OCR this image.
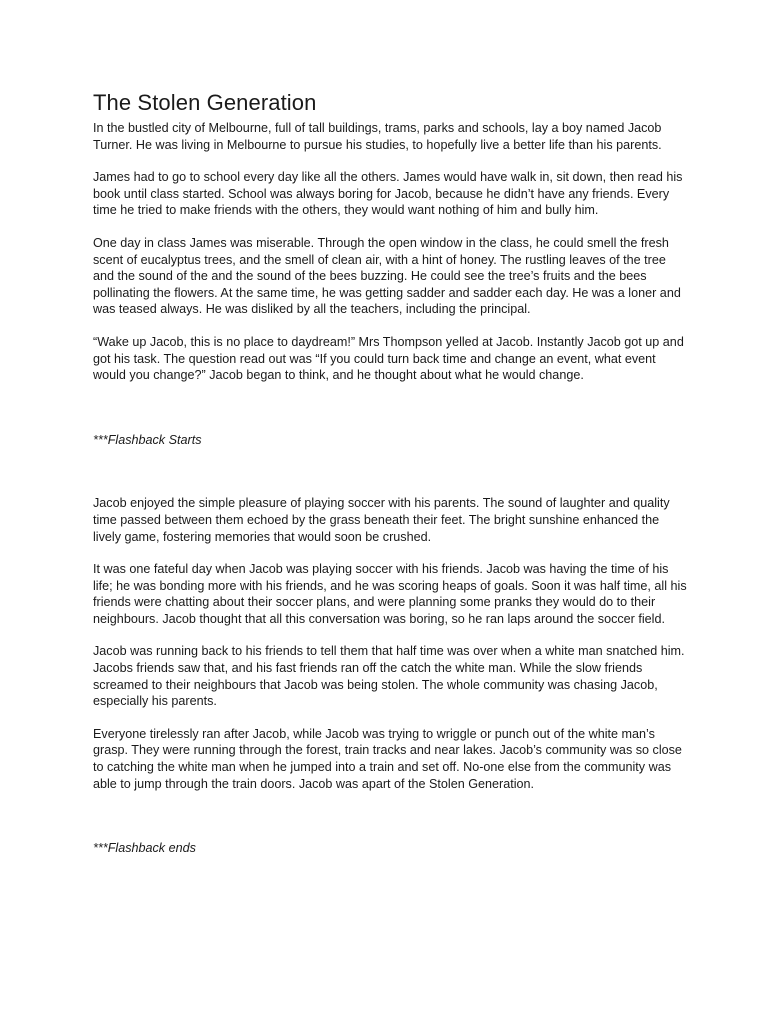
The Stolen Generation

In the bustled city of Melbourne, full of tall buildings, trams, parks and schools, lay a boy named Jacob Turner. He was living in Melbourne to pursue his studies, to hopefully live a better life than his parents.

James had to go to school every day like all the others. James would have walk in, sit down, then read his book until class started. School was always boring for Jacob, because he didn’t have any friends. Every time he tried to make friends with the others, they would want nothing of him and bully him.

One day in class James was miserable. Through the open window in the class, he could smell the fresh scent of eucalyptus trees, and the smell of clean air, with a hint of honey. The rustling leaves of the tree and the sound of the and the sound of the bees buzzing. He could see the tree’s fruits and the bees pollinating the flowers. At the same time, he was getting sadder and sadder each day. He was a loner and was teased always. He was disliked by all the teachers, including the principal.

“Wake up Jacob, this is no place to daydream!” Mrs Thompson yelled at Jacob. Instantly Jacob got up and got his task. The question read out was “If you could turn back time and change an event, what event would you change?” Jacob began to think, and he thought about what he would change.

***Flashback Starts

Jacob enjoyed the simple pleasure of playing soccer with his parents. The sound of laughter and quality time passed between them echoed by the grass beneath their feet. The bright sunshine enhanced the lively game, fostering memories that would soon be crushed.

It was one fateful day when Jacob was playing soccer with his friends. Jacob was having the time of his life; he was bonding more with his friends, and he was scoring heaps of goals. Soon it was half time, all his friends were chatting about their soccer plans, and were planning some pranks they would do to their neighbours. Jacob thought that all this conversation was boring, so he ran laps around the soccer field.

Jacob was running back to his friends to tell them that half time was over when a white man snatched him. Jacobs friends saw that, and his fast friends ran off the catch the white man. While the slow friends screamed to their neighbours that Jacob was being stolen. The whole community was chasing Jacob, especially his parents.

Everyone tirelessly ran after Jacob, while Jacob was trying to wriggle or punch out of the white man’s grasp. They were running through the forest, train tracks and near lakes. Jacob’s community was so close to catching the white man when he jumped into a train and set off. No-one else from the community was able to jump through the train doors. Jacob was apart of the Stolen Generation.

***Flashback ends
